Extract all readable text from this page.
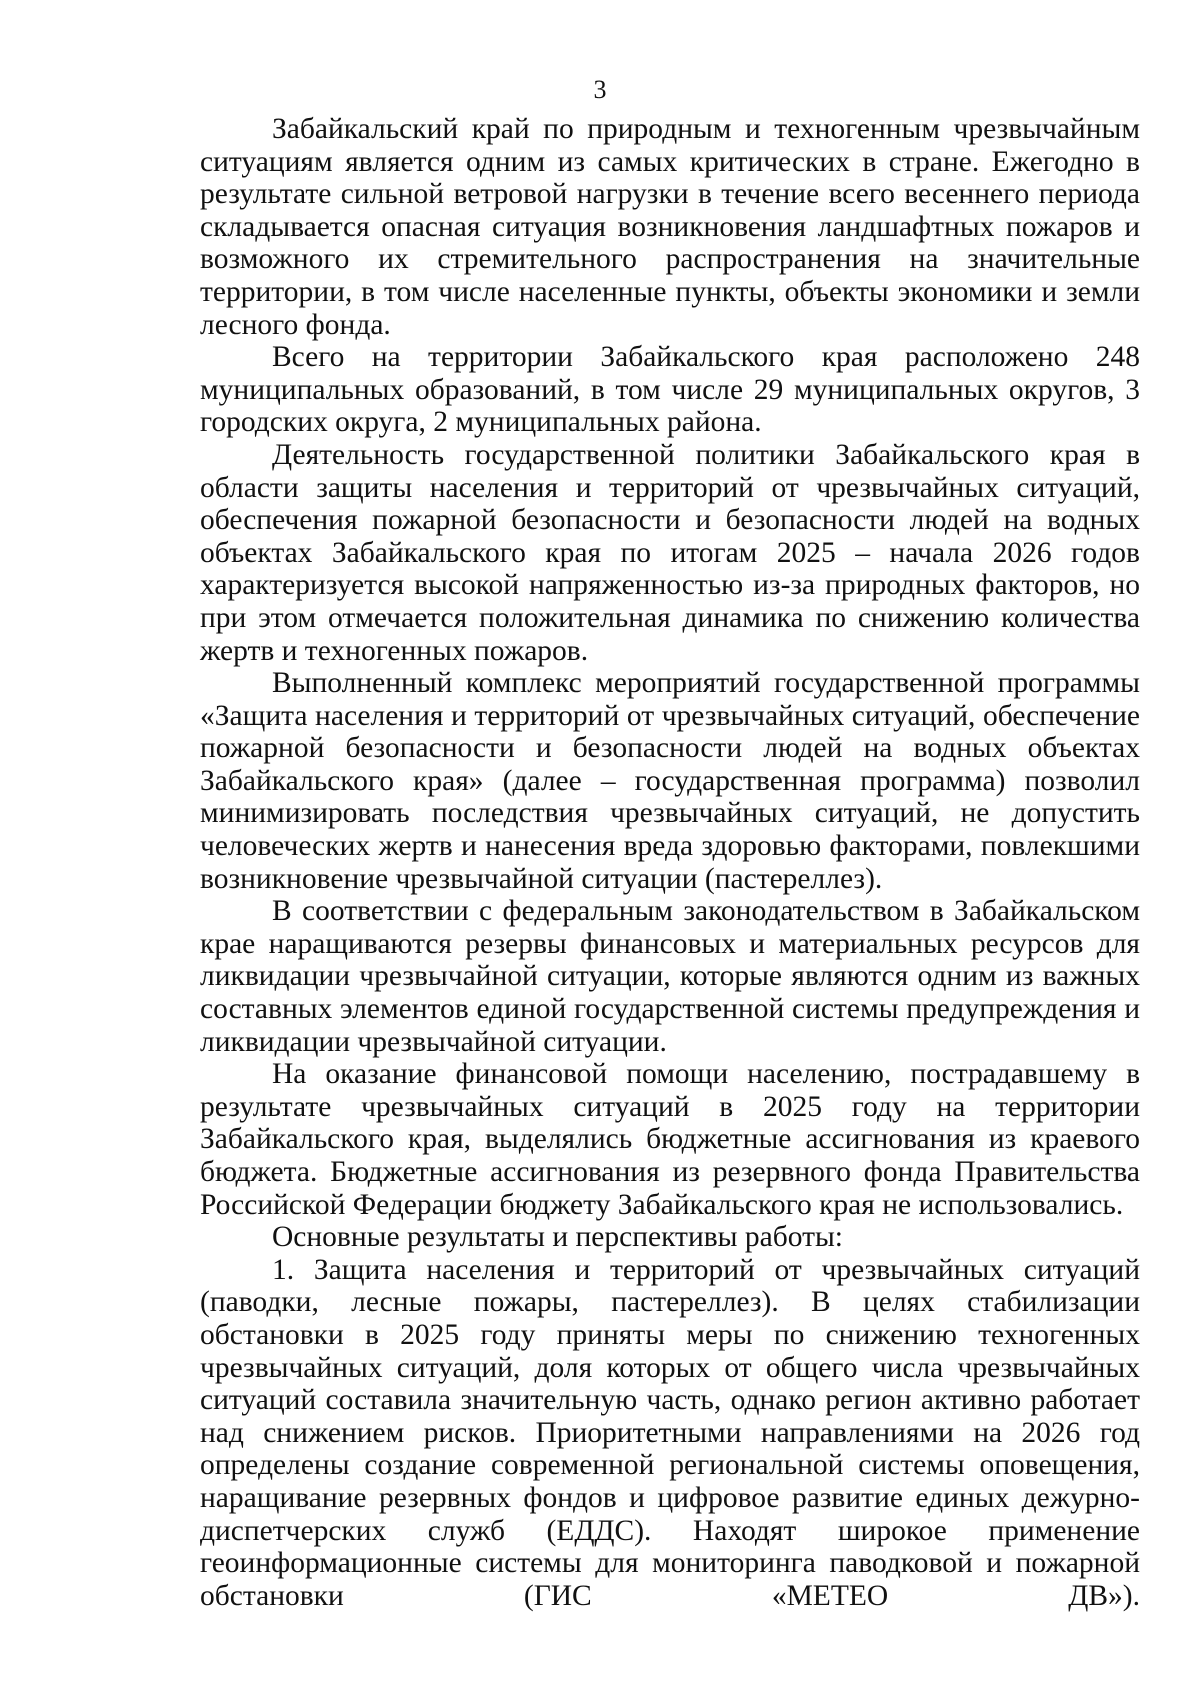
3

Забайкальский край по природным и техногенным чрезвычайным ситуациям является одним из самых критических в стране. Ежегодно в результате сильной ветровой нагрузки в течение всего весеннего периода складывается опасная ситуация возникновения ландшафтных пожаров и возможного их стремительного распространения на значительные территории, в том числе населенные пункты, объекты экономики и земли лесного фонда.

Всего на территории Забайкальского края расположено 248 муниципальных образований, в том числе 29 муниципальных округов, 3 городских округа, 2 муниципальных района.

Деятельность государственной политики Забайкальского края в области защиты населения и территорий от чрезвычайных ситуаций, обеспечения пожарной безопасности и безопасности людей на водных объектах Забайкальского края по итогам 2025 – начала 2026 годов характеризуется высокой напряженностью из-за природных факторов, но при этом отмечается положительная динамика по снижению количества жертв и техногенных пожаров.

Выполненный комплекс мероприятий государственной программы «Защита населения и территорий от чрезвычайных ситуаций, обеспечение пожарной безопасности и безопасности людей на водных объектах Забайкальского края» (далее – государственная программа) позволил минимизировать последствия чрезвычайных ситуаций, не допустить человеческих жертв и нанесения вреда здоровью факторами, повлекшими возникновение чрезвычайной ситуации (пастереллез).

В соответствии с федеральным законодательством в Забайкальском крае наращиваются резервы финансовых и материальных ресурсов для ликвидации чрезвычайной ситуации, которые являются одним из важных составных элементов единой государственной системы предупреждения и ликвидации чрезвычайной ситуации.

На оказание финансовой помощи населению, пострадавшему в результате чрезвычайных ситуаций в 2025 году на территории Забайкальского края, выделялись бюджетные ассигнования из краевого бюджета. Бюджетные ассигнования из резервного фонда Правительства Российской Федерации бюджету Забайкальского края не использовались.

Основные результаты и перспективы работы:

1. Защита населения и территорий от чрезвычайных ситуаций (паводки, лесные пожары, пастереллез). В целях стабилизации обстановки в 2025 году приняты меры по снижению техногенных чрезвычайных ситуаций, доля которых от общего числа чрезвычайных ситуаций составила значительную часть, однако регион активно работает над снижением рисков. Приоритетными направлениями на 2026 год определены создание современной региональной системы оповещения, наращивание резервных фондов и цифровое развитие единых дежурно-диспетчерских служб (ЕДДС). Находят широкое применение геоинформационные системы для мониторинга паводковой и пожарной обстановки (ГИС «МЕТЕО ДВ»).
